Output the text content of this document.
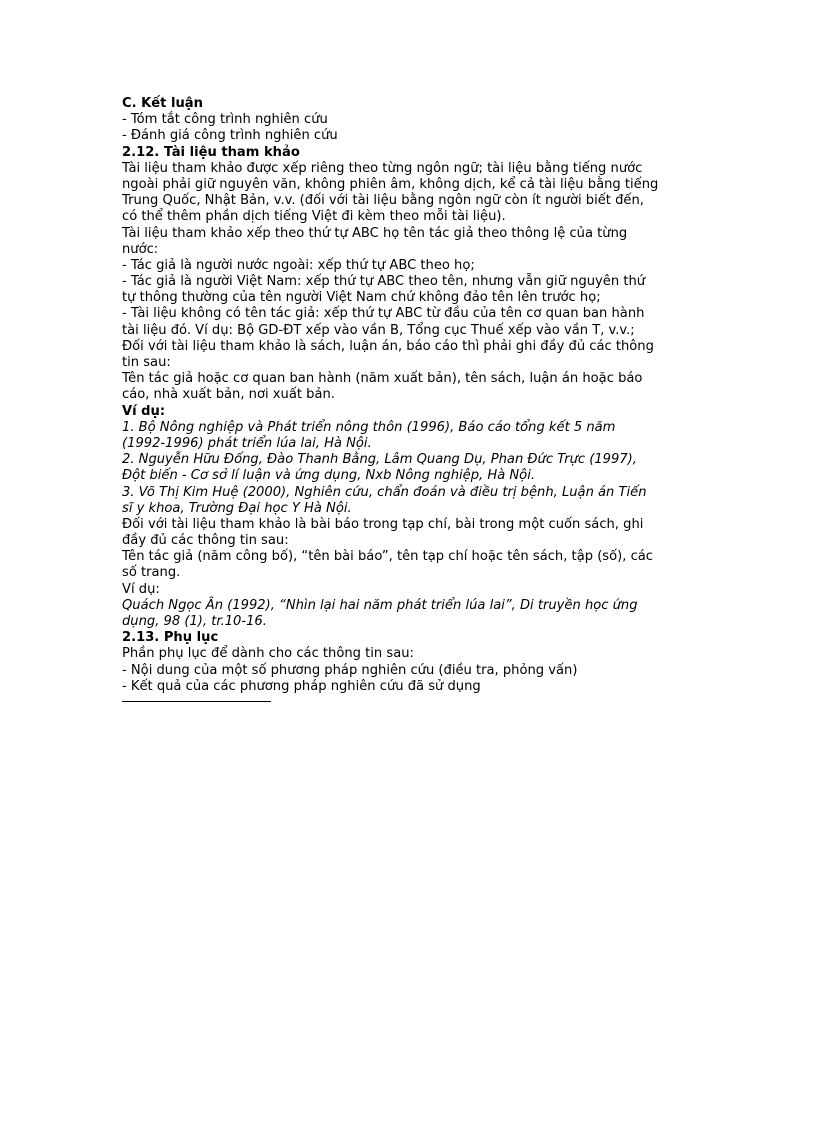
C. Kết luận
- Tóm tắt công trình nghiên cứu
- Đánh giá công trình nghiên cứu
2.12. Tài liệu tham khảo
Tài liệu tham khảo được xếp riêng theo từng ngôn ngữ; tài liệu bằng tiếng nước
ngoài phải giữ nguyên văn, không phiên âm, không dịch, kể cả tài liệu bằng tiếng
Trung Quốc, Nhật Bản, v.v. (đối với tài liệu bằng ngôn ngữ còn ít người biết đến,
có thể thêm phần dịch tiếng Việt đi kèm theo mỗi tài liệu).
Tài liệu tham khảo xếp theo thứ tự ABC họ tên tác giả theo thông lệ của từng
nước:
- Tác giả là người nước ngoài: xếp thứ tự ABC theo họ;
- Tác giả là người Việt Nam: xếp thứ tự ABC theo tên, nhưng vẫn giữ nguyên thứ
tự thông thường của tên người Việt Nam chứ không đảo tên lên trước họ;
- Tài liệu không có tên tác giả: xếp thứ tự ABC từ đầu của tên cơ quan ban hành
tài liệu đó. Ví dụ: Bộ GD-ĐT xếp vào vần B, Tổng cục Thuế xếp vào vần T, v.v.;
Đối với tài liệu tham khảo là sách, luận án, báo cáo thì phải ghi đầy đủ các thông
tin sau:
Tên tác giả hoặc cơ quan ban hành (năm xuất bản), tên sách, luận án hoặc báo
cáo, nhà xuất bản, nơi xuất bản.
Ví dụ:
1. Bộ Nông nghiệp và Phát triển nông thôn (1996), Báo cáo tổng kết 5 năm
(1992-1996) phát triển lúa lai, Hà Nội.
2. Nguyễn Hữu Đống, Đào Thanh Bằng, Lâm Quang Dụ, Phan Đức Trực (1997),
Đột biến - Cơ sở lí luận và ứng dụng, Nxb Nông nghiệp, Hà Nội.
3. Võ Thị Kim Huệ (2000), Nghiên cứu, chẩn đoán và điều trị bệnh, Luận án Tiến
sĩ y khoa, Trường Đại học Y Hà Nội.
Đối với tài liệu tham khảo là bài báo trong tạp chí, bài trong một cuốn sách, ghi
đầy đủ các thông tin sau:
Tên tác giả (năm công bố), “tên bài báo”, tên tạp chí hoặc tên sách, tập (số), các
số trang.
Ví dụ:
Quách Ngọc Ân (1992), “Nhìn lại hai năm phát triển lúa lai”, Di truyền học ứng
dụng, 98 (1), tr.10-16.
2.13. Phụ lục
Phần phụ lục để dành cho các thông tin sau:
- Nội dung của một số phương pháp nghiên cứu (điều tra, phỏng vấn)
- Kết quả của các phương pháp nghiên cứu đã sử dụng
